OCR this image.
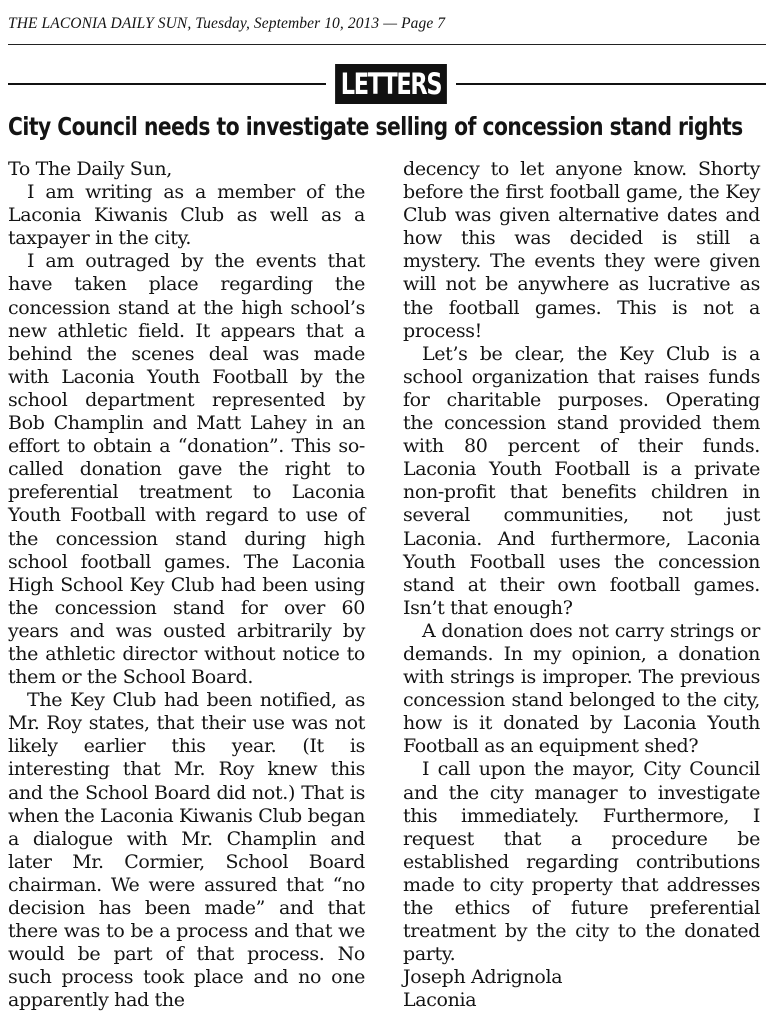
THE LACONIA DAILY SUN, Tuesday, September 10, 2013 — Page 7
LETTERS
City Council needs to investigate selling of concession stand rights

To The Daily Sun,

I am writing as a member of the Laconia Kiwanis Club as well as a taxpayer in the city.

I am outraged by the events that have taken place regarding the concession stand at the high school’s new athletic field. It appears that a behind the scenes deal was made with Laconia Youth Football by the school department represented by Bob Champlin and Matt Lahey in an effort to obtain a “donation”. This so-called donation gave the right to preferential treatment to Laconia Youth Football with regard to use of the concession stand during high school football games. The Laconia High School Key Club had been using the concession stand for over 60 years and was ousted arbitrarily by the athletic director without notice to them or the School Board.

The Key Club had been notified, as Mr. Roy states, that their use was not likely earlier this year. (It is interesting that Mr. Roy knew this and the School Board did not.) That is when the Laconia Kiwanis Club began a dialogue with Mr. Champlin and later Mr. Cormier, School Board chairman. We were assured that “no decision has been made” and that there was to be a process and that we would be part of that process. No such process took place and no one apparently had the

decency to let anyone know. Shorty before the first football game, the Key Club was given alternative dates and how this was decided is still a mystery. The events they were given will not be anywhere as lucrative as the football games. This is not a process!

Let’s be clear, the Key Club is a school organization that raises funds for charitable purposes. Operating the concession stand provided them with 80 percent of their funds. Laconia Youth Football is a private non-profit that benefits children in several communities, not just Laconia. And furthermore, Laconia Youth Football uses the concession stand at their own football games. Isn’t that enough?

A donation does not carry strings or demands. In my opinion, a donation with strings is improper. The previous concession stand belonged to the city, how is it donated by Laconia Youth Football as an equipment shed?

I call upon the mayor, City Council and the city manager to investigate this immediately. Furthermore, I request that a procedure be established regarding contributions made to city property that addresses the ethics of future preferential treatment by the city to the donated party.

Joseph Adrignola

Laconia
